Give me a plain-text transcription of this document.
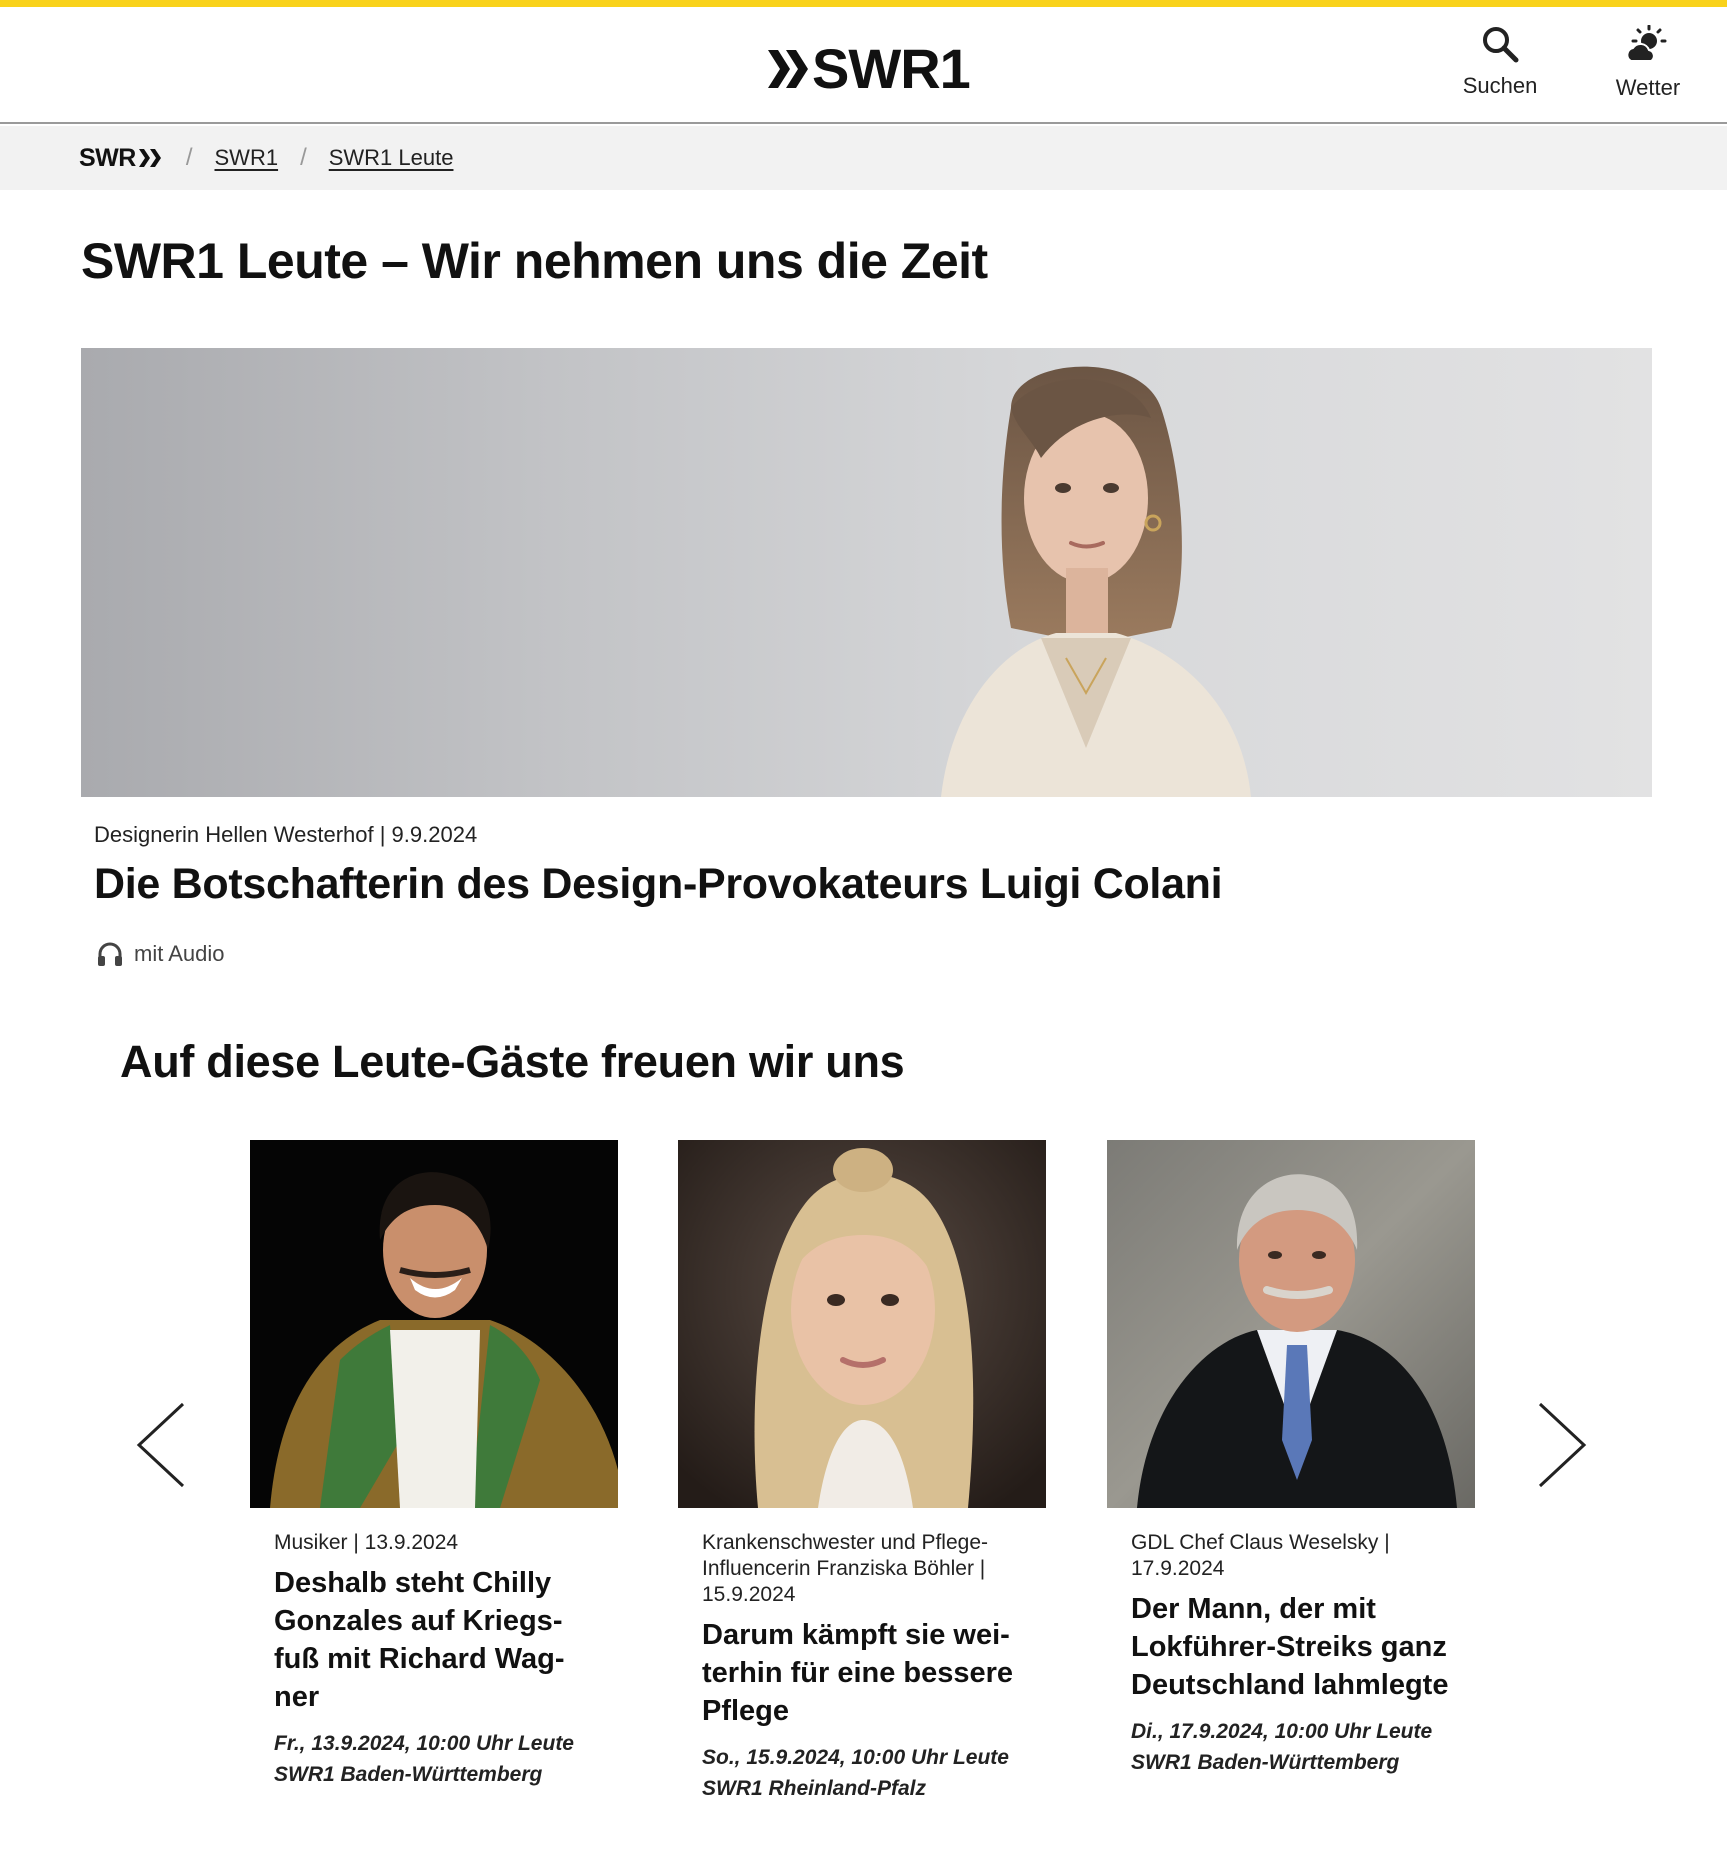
SWR1	Suchen	Wetter
SWR / SWR1 / SWR1 Leute
SWR1 Leute – Wir nehmen uns die Zeit
Designerin Hellen Westerhof | 9.9.2024
Die Botschafterin des Design-Provokateurs Luigi Colani
mit Audio
Auf diese Leute-Gäste freuen wir uns
Musiker | 13.9.2024
Deshalb steht Chilly Gonzales auf Kriegsfuß mit Richard Wagner
Fr., 13.9.2024, 10:00 Uhr Leute
SWR1 Baden-Württemberg
Krankenschwester und Pflege-Influencerin Franziska Böhler | 15.9.2024
Darum kämpft sie weiterhin für eine bessere Pflege
So., 15.9.2024, 10:00 Uhr Leute
SWR1 Rheinland-Pfalz
GDL Chef Claus Weselsky | 17.9.2024
Der Mann, der mit Lokführer-Streiks ganz Deutschland lahmlegte
Di., 17.9.2024, 10:00 Uhr Leute
SWR1 Baden-Württemberg
